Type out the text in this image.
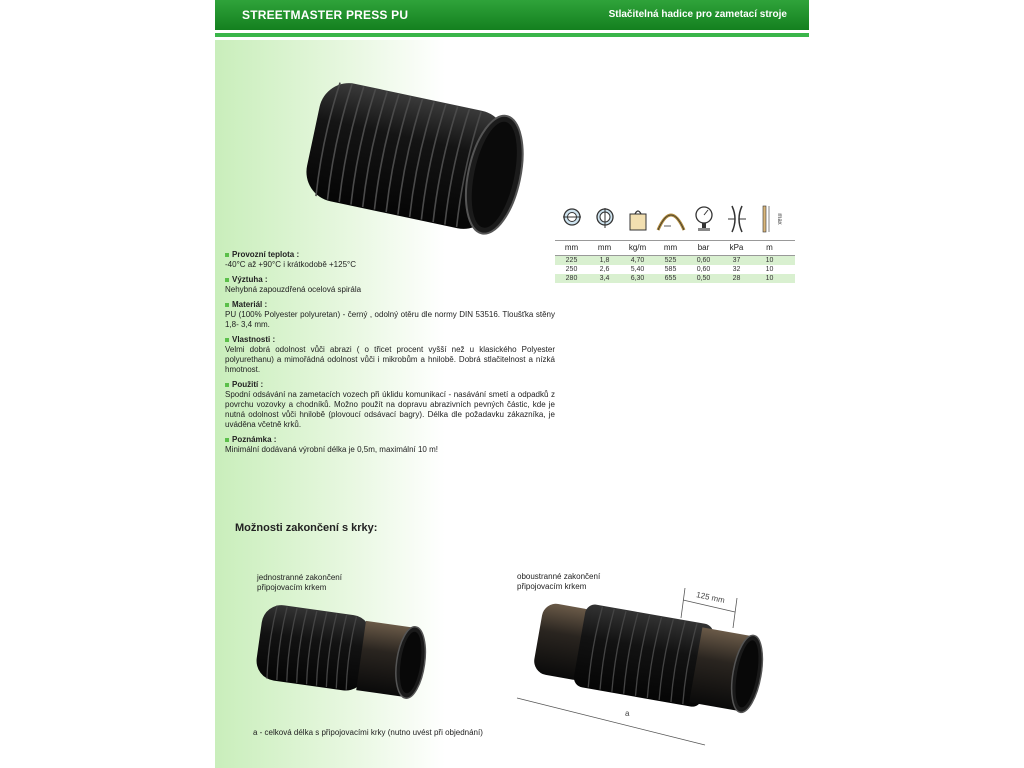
STREETMASTER PRESS PU	Stlačitelná hadice pro zametací stroje
Provozní teplota :
-40°C až +90°C i krátkodobě +125°C
Výztuha :
Nehybná zapouzdřená ocelová spirála
Materiál :
PU (100% Polyester polyuretan) - černý , odolný otěru dle normy DIN 53516. Tloušťka stěny 1,8- 3,4 mm.
Vlastnosti :
Velmi dobrá odolnost vůči abrazi ( o třicet procent vyšší než u klasického Polyester polyurethanu) a mimořádná odolnost vůči i mikrobům a hnilobě. Dobrá stlačitelnost a nízká hmotnost.
Použití :
Spodní odsávání na zametacích vozech při úklidu komunikací - nasávání smetí a odpadků z povrchu vozovky a chodníků. Možno použít na dopravu abrazivních pevných částic, kde je nutná odolnost vůči hnilobě (plovoucí odsávací bagry). Délka dle požadavku zákazníka, je uváděna včetně krků.
Poznámka :
Minimální dodávaná výrobní délka je 0,5m, maximální 10 m!
max
mm	mm	kg/m	mm	bar	kPa	m
225	1,8	4,70	525	0,60	37	10
250	2,6	5,40	585	0,60	32	10
280	3,4	6,30	655	0,50	28	10
Možnosti zakončení s krky:
jednostranné zakončení
připojovacím krkem
oboustranné zakončení
připojovacím krkem
125 mm
a
a - celková délka s připojovacími krky (nutno uvést při objednání)
